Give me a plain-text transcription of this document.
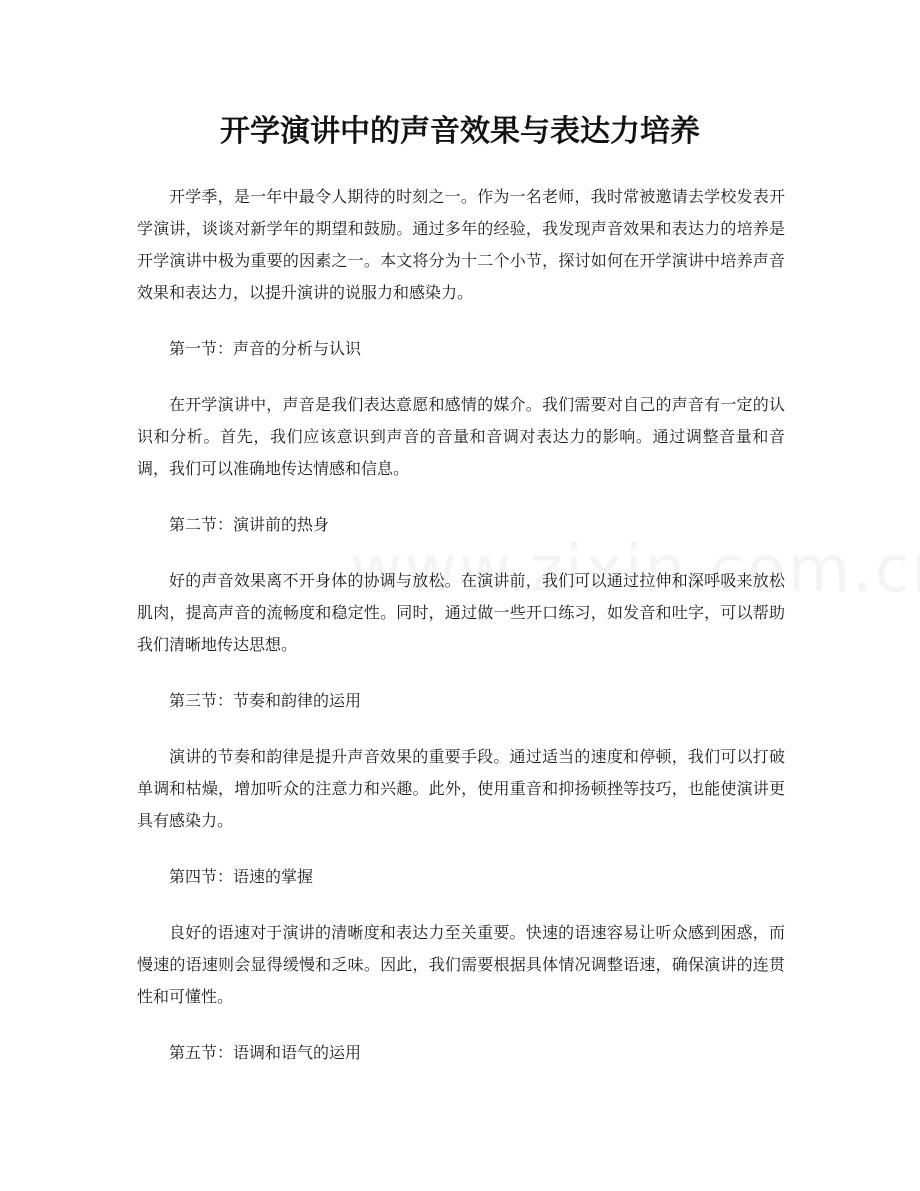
开学演讲中的声音效果与表达力培养

开学季，是一年中最令人期待的时刻之一。作为一名老师，我时常被邀请去学校发表开学演讲，谈谈对新学年的期望和鼓励。通过多年的经验，我发现声音效果和表达力的培养是开学演讲中极为重要的因素之一。本文将分为十二个小节，探讨如何在开学演讲中培养声音效果和表达力，以提升演讲的说服力和感染力。

第一节：声音的分析与认识

在开学演讲中，声音是我们表达意愿和感情的媒介。我们需要对自己的声音有一定的认识和分析。首先，我们应该意识到声音的音量和音调对表达力的影响。通过调整音量和音调，我们可以准确地传达情感和信息。

第二节：演讲前的热身

好的声音效果离不开身体的协调与放松。在演讲前，我们可以通过拉伸和深呼吸来放松肌肉，提高声音的流畅度和稳定性。同时，通过做一些开口练习，如发音和吐字，可以帮助我们清晰地传达思想。

第三节：节奏和韵律的运用

演讲的节奏和韵律是提升声音效果的重要手段。通过适当的速度和停顿，我们可以打破单调和枯燥，增加听众的注意力和兴趣。此外，使用重音和抑扬顿挫等技巧，也能使演讲更具有感染力。

第四节：语速的掌握

良好的语速对于演讲的清晰度和表达力至关重要。快速的语速容易让听众感到困惑，而慢速的语速则会显得缓慢和乏味。因此，我们需要根据具体情况调整语速，确保演讲的连贯性和可懂性。

第五节：语调和语气的运用
